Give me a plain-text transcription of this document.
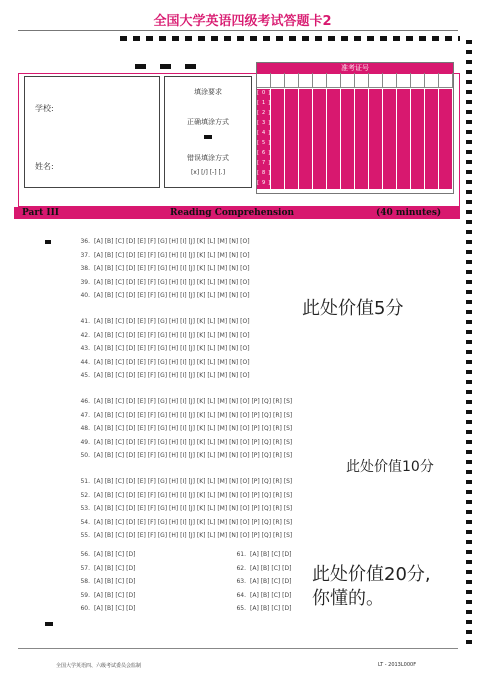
全国大学英语四级考试答题卡2
学校:
姓名:
填涂要求
正确填涂方式
错误填涂方式
[x] [/] [-] [.]
准考证号
[0]
[1]
[2]
[3]
[4]
[5]
[6]
[7]
[8]
[9]
Part III	Reading Comprehension	(40 minutes)
36. [A] [B] [C] [D] [E] [F] [G] [H] [I] [J] [K] [L] [M] [N] [O]
37. [A] [B] [C] [D] [E] [F] [G] [H] [I] [J] [K] [L] [M] [N] [O]
38. [A] [B] [C] [D] [E] [F] [G] [H] [I] [J] [K] [L] [M] [N] [O]
39. [A] [B] [C] [D] [E] [F] [G] [H] [I] [J] [K] [L] [M] [N] [O]
40. [A] [B] [C] [D] [E] [F] [G] [H] [I] [J] [K] [L] [M] [N] [O]
41. [A] [B] [C] [D] [E] [F] [G] [H] [I] [J] [K] [L] [M] [N] [O]
42. [A] [B] [C] [D] [E] [F] [G] [H] [I] [J] [K] [L] [M] [N] [O]
43. [A] [B] [C] [D] [E] [F] [G] [H] [I] [J] [K] [L] [M] [N] [O]
44. [A] [B] [C] [D] [E] [F] [G] [H] [I] [J] [K] [L] [M] [N] [O]
45. [A] [B] [C] [D] [E] [F] [G] [H] [I] [J] [K] [L] [M] [N] [O]
46. [A] [B] [C] [D] [E] [F] [G] [H] [I] [J] [K] [L] [M] [N] [O] [P] [Q] [R] [S]
47. [A] [B] [C] [D] [E] [F] [G] [H] [I] [J] [K] [L] [M] [N] [O] [P] [Q] [R] [S]
48. [A] [B] [C] [D] [E] [F] [G] [H] [I] [J] [K] [L] [M] [N] [O] [P] [Q] [R] [S]
49. [A] [B] [C] [D] [E] [F] [G] [H] [I] [J] [K] [L] [M] [N] [O] [P] [Q] [R] [S]
50. [A] [B] [C] [D] [E] [F] [G] [H] [I] [J] [K] [L] [M] [N] [O] [P] [Q] [R] [S]
51. [A] [B] [C] [D] [E] [F] [G] [H] [I] [J] [K] [L] [M] [N] [O] [P] [Q] [R] [S]
52. [A] [B] [C] [D] [E] [F] [G] [H] [I] [J] [K] [L] [M] [N] [O] [P] [Q] [R] [S]
53. [A] [B] [C] [D] [E] [F] [G] [H] [I] [J] [K] [L] [M] [N] [O] [P] [Q] [R] [S]
54. [A] [B] [C] [D] [E] [F] [G] [H] [I] [J] [K] [L] [M] [N] [O] [P] [Q] [R] [S]
55. [A] [B] [C] [D] [E] [F] [G] [H] [I] [J] [K] [L] [M] [N] [O] [P] [Q] [R] [S]
56. [A] [B] [C] [D]
57. [A] [B] [C] [D]
58. [A] [B] [C] [D]
59. [A] [B] [C] [D]
60. [A] [B] [C] [D]
61. [A] [B] [C] [D]
62. [A] [B] [C] [D]
63. [A] [B] [C] [D]
64. [A] [B] [C] [D]
65. [A] [B] [C] [D]
此处价值5分
此处价值10分
此处价值20分,
你懂的。
全国大学英语四、六级考试委员会监制	LT - 2013L000F
